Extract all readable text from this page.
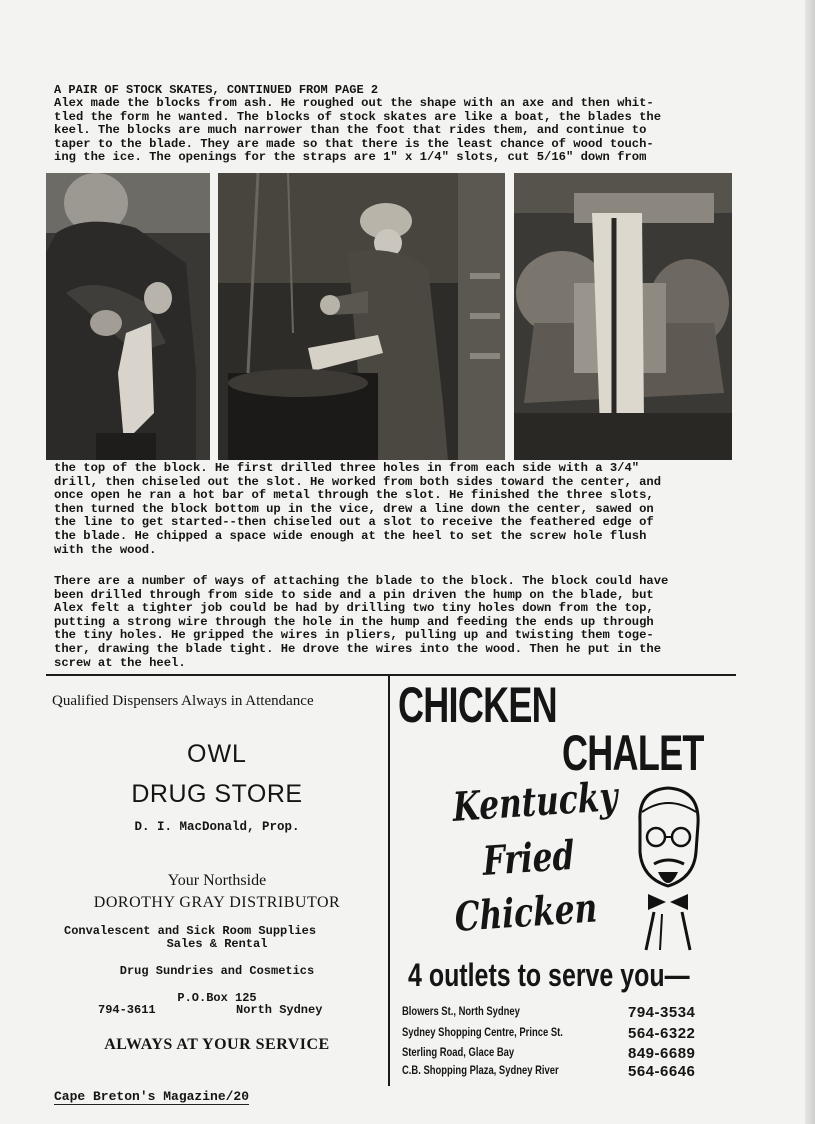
A PAIR OF STOCK SKATES, CONTINUED FROM PAGE 2
Alex made the blocks from ash. He roughed out the shape with an axe and then whit-
tled the form he wanted. The blocks of stock skates are like a boat, the blades the
keel. The blocks are much narrower than the foot that rides them, and continue to
taper to the blade. They are made so that there is the least chance of wood touch-
ing the ice. The openings for the straps are 1" x 1/4" slots, cut 5/16" down from
the top of the block. He first drilled three holes in from each side with a 3/4"
drill, then chiseled out the slot. He worked from both sides toward the center, and
once open he ran a hot bar of metal through the slot. He finished the three slots,
then turned the block bottom up in the vice, drew a line down the center, sawed on
the line to get started--then chiseled out a slot to receive the feathered edge of
the blade. He chipped a space wide enough at the heel to set the screw hole flush
with the wood.
There are a number of ways of attaching the blade to the block. The block could have
been drilled through from side to side and a pin driven the hump on the blade, but
Alex felt a tighter job could be had by drilling two tiny holes down from the top,
putting a strong wire through the hole in the hump and feeding the ends up through
the tiny holes. He gripped the wires in pliers, pulling up and twisting them toge-
ther, drawing the blade tight. He drove the wires into the wood. Then he put in the
screw at the heel.
Qualified Dispensers Always in Attendance
OWL
DRUG STORE
D. I. MacDonald, Prop.
Your Northside
DOROTHY GRAY DISTRIBUTOR
Convalescent and Sick Room Supplies
Sales & Rental
Drug Sundries and Cosmetics
P.O.Box 125
794-3611	North Sydney
ALWAYS AT YOUR SERVICE
CHICKEN
CHALET
Kentucky
Fried
Chicken
4 outlets to serve you—
Blowers St., North Sydney	794-3534
Sydney Shopping Centre, Prince St.	564-6322
Sterling Road, Glace Bay	849-6689
C.B. Shopping Plaza, Sydney River	564-6646
Cape Breton's Magazine/20
